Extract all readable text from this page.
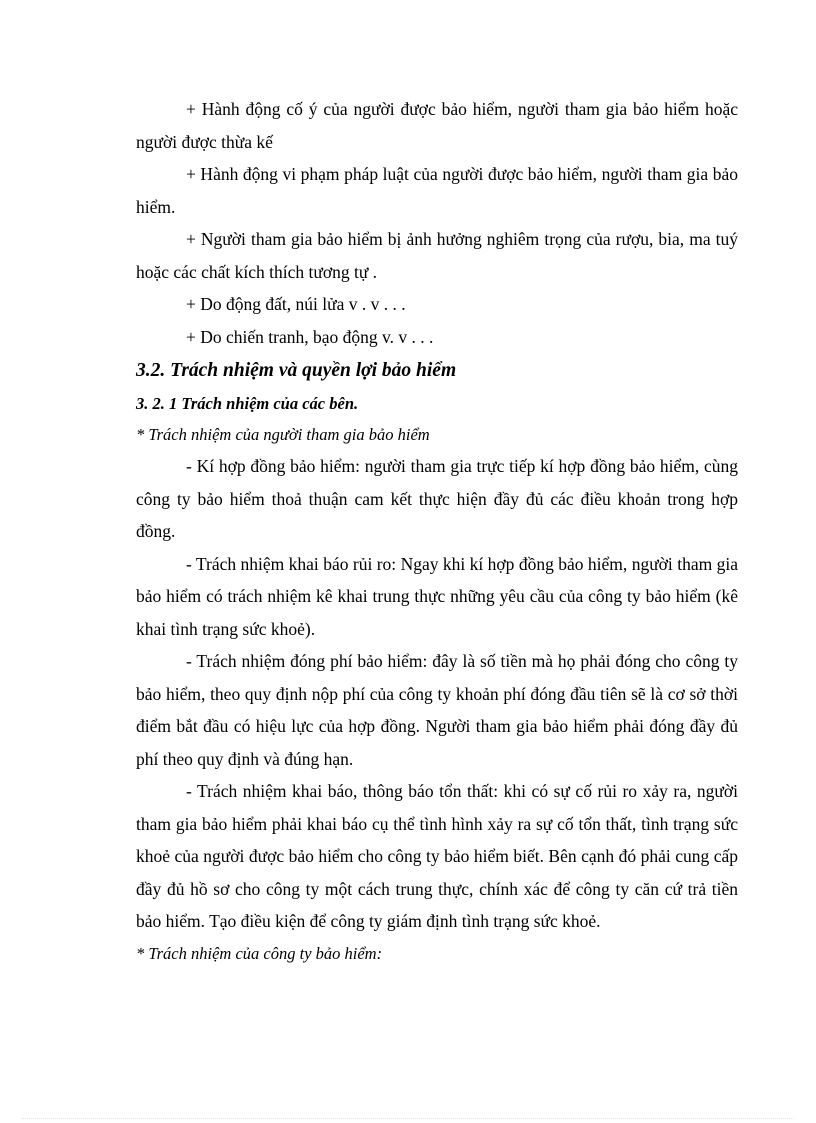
+ Hành động cố ý của người được bảo hiểm, người tham gia bảo hiểm hoặc người được thừa kế

+ Hành động vi phạm pháp luật của người được bảo hiểm, người tham gia bảo hiểm.

+ Người tham gia bảo hiểm bị ảnh hưởng nghiêm trọng của rượu, bia, ma tuý hoặc các chất kích thích tương tự .

+ Do động đất, núi lửa v . v . . .

+ Do chiến tranh, bạo động v. v . . .

3.2. Trách nhiệm và quyền lợi bảo hiểm
3. 2. 1 Trách nhiệm của các bên.

* Trách nhiệm của người tham gia bảo hiểm

- Kí hợp đồng bảo hiểm: người tham gia trực tiếp kí hợp đồng bảo hiểm, cùng công ty bảo hiểm thoả thuận cam kết thực hiện đầy đủ các điều khoản trong hợp đồng.

- Trách nhiệm khai báo rủi ro: Ngay khi kí hợp đồng bảo hiểm, người tham gia bảo hiểm có trách nhiệm kê khai trung thực những yêu cầu của công ty bảo hiểm (kê khai tình trạng sức khoẻ).

- Trách nhiệm đóng phí bảo hiểm: đây là số tiền mà họ phải đóng cho công ty bảo hiểm, theo quy định nộp phí của công ty khoản phí đóng đầu tiên sẽ là cơ sở thời điểm bắt đầu có hiệu lực của hợp đồng. Người tham gia bảo hiểm phải đóng đầy đủ phí theo quy định và đúng hạn.

- Trách nhiệm khai báo, thông báo tổn thất: khi có sự cố rủi ro xảy ra, người tham gia bảo hiểm phải khai báo cụ thể tình hình xảy ra sự cố tổn thất, tình trạng sức khoẻ của người được bảo hiểm cho công ty bảo hiểm biết. Bên cạnh đó phải cung cấp đầy đủ hồ sơ cho công ty một cách trung thực, chính xác để công ty căn cứ trả tiền bảo hiểm. Tạo điều kiện để công ty giám định tình trạng sức khoẻ.

* Trách nhiệm của công ty bảo hiểm:
